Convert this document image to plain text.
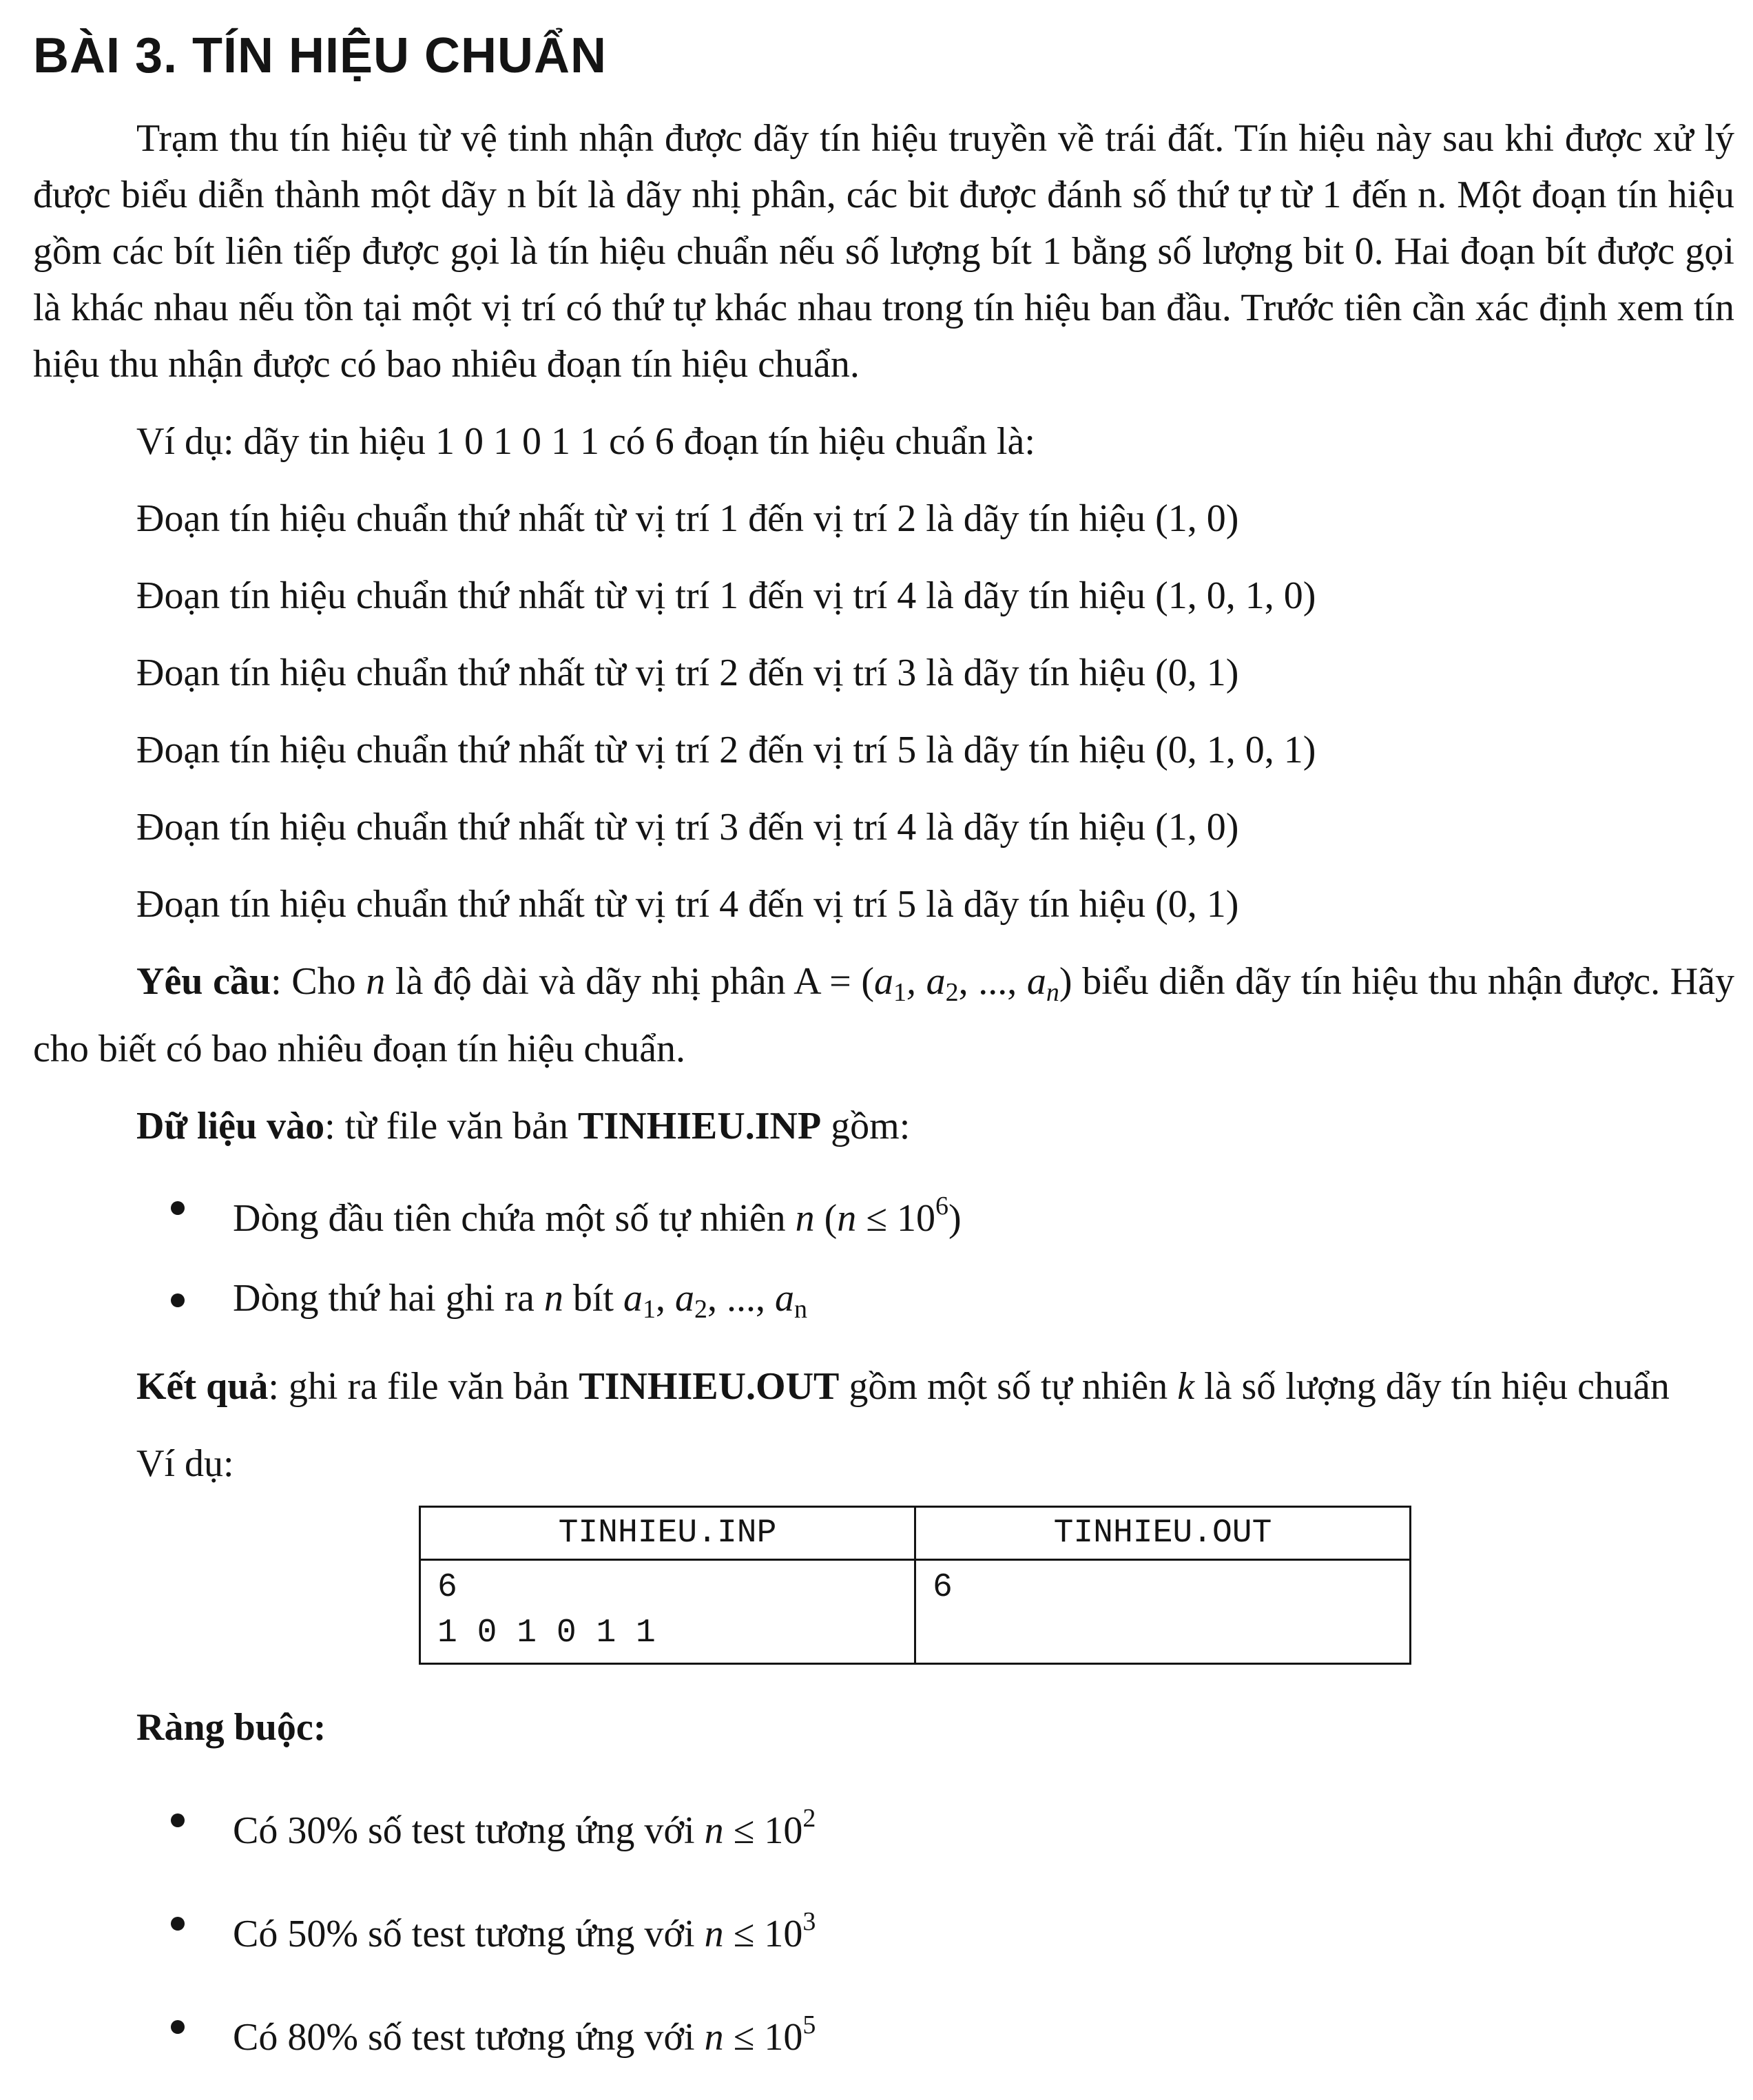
BÀI 3. TÍN HIỆU CHUẨN

Trạm thu tín hiệu từ vệ tinh nhận được dãy tín hiệu truyền về trái đất. Tín hiệu này sau khi được xử lý được biểu diễn thành một dãy n bít là dãy nhị phân, các bit được đánh số thứ tự từ 1 đến n. Một đoạn tín hiệu gồm các bít liên tiếp được gọi là tín hiệu chuẩn nếu số lượng bít 1 bằng số lượng bit 0. Hai đoạn bít được gọi là khác nhau nếu tồn tại một vị trí có thứ tự khác nhau trong tín hiệu ban đầu. Trước tiên cần xác định xem tín hiệu thu nhận được có bao nhiêu đoạn tín hiệu chuẩn.

Ví dụ: dãy tin hiệu 1 0 1 0 1 1 có 6 đoạn tín hiệu chuẩn là:
Đoạn tín hiệu chuẩn thứ nhất từ vị trí 1 đến vị trí 2 là dãy tín hiệu (1, 0)
Đoạn tín hiệu chuẩn thứ nhất từ vị trí 1 đến vị trí 4 là dãy tín hiệu (1, 0, 1, 0)
Đoạn tín hiệu chuẩn thứ nhất từ vị trí 2 đến vị trí 3 là dãy tín hiệu (0, 1)
Đoạn tín hiệu chuẩn thứ nhất từ vị trí 2 đến vị trí 5 là dãy tín hiệu (0, 1, 0, 1)
Đoạn tín hiệu chuẩn thứ nhất từ vị trí 3 đến vị trí 4 là dãy tín hiệu (1, 0)
Đoạn tín hiệu chuẩn thứ nhất từ vị trí 4 đến vị trí 5 là dãy tín hiệu (0, 1)

Yêu cầu: Cho n là độ dài và dãy nhị phân $A = (a_1$, $a_2$, ..., $a_n$) biểu diễn dãy tín hiệu thu nhận được. Hãy cho biết có bao nhiêu đoạn tín hiệu chuẩn.

Dữ liệu vào: từ file văn bản TINHIEU.INP gồm:
Dòng đầu tiên chứa một số tự nhiên n $(n \le 10^6)$
Dòng thứ hai ghi ra n bít $a_1$, $a_2$, ..., $a_n$

Kết quả: ghi ra file văn bản TINHIEU.OUT gồm một số tự nhiên k là số lượng dãy tín hiệu chuẩn

Ví dụ:
TINHIEU.INP	TINHIEU.OUT
6
1 0 1 0 1 1	6
Ràng buộc:
Có 30% số test tương ứng với $n \le 10^2$
Có 50% số test tương ứng với $n \le 10^3$
Có 80% số test tương ứng với $n \le 10^5$
